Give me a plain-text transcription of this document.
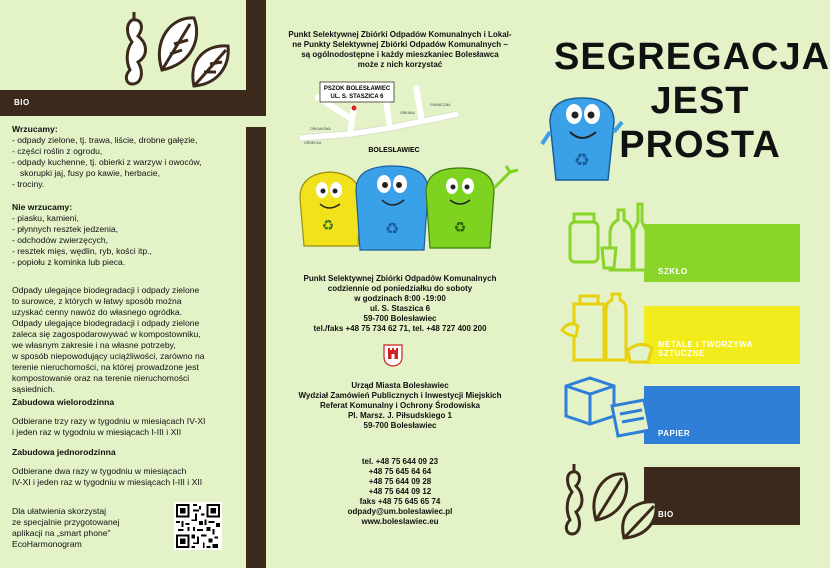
BIO
Wrzucamy:
- odpady zielone, tj. trawa, liście, drobne gałęzie,
- części roślin z ogrodu,
- odpady kuchenne, tj. obierki z warzyw i owoców,
skorupki jaj, fusy po kawie, herbacie,
- trociny.
Nie wrzucamy:
- piasku, kamieni,
- płynnych resztek jedzenia,
- odchodów zwierzęcych,
- resztek mięs, wędlin, ryb, kości itp.,
- popiołu z kominka lub pieca.
Odpady ulegające biodegradacji i odpady zielone
to surowce, z których w łatwy sposób można
uzyskać cenny nawóz do własnego ogródka.
Odpady ulegające biodegradacji i odpady zielone
zaleca się zagospodarowywać w kompostowniku,
we własnym zakresie i na własne potrzeby,
w sposób niepowodujący uciążliwości, zarówno na
terenie nieruchomości, na której prowadzone jest
kompostowanie oraz na terenie nieruchomości
sąsiednich.
Zabudowa wielorodzinna
Odbierane trzy razy w tygodniu w miesiącach IV-XI
i jeden raz w tygodniu w miesiącach I-III i XII
Zabudowa jednorodzinna
Odbierane dwa razy w tygodniu w miesiącach
IV-XI i jeden raz w tygodniu w miesiącach I-III i XII
Dla ułatwienia skorzystaj
ze specjalnie przygotowanej
aplikacji na „smart phone"
EcoHarmonogram
Punkt Selektywnej Zbiórki Odpadów Komunalnych i Lokal-
ne Punkty Selektywnej Zbiórki Odpadów Komunalnych –
są ogólnodostępne i każdy mieszkaniec Bolesławca
może z nich korzystać
PSZOK BOLESŁAWIEC
UL. S. STASZICA 6
BOLESŁAWIEC
GRANICZNA
ORKANA
ORKANOWA
ORNECKA
♻	♻	♻
Punkt Selektywnej Zbiórki Odpadów Komunalnych
codziennie od poniedziałku do soboty
w godzinach 8:00 -19:00
ul. S. Staszica 6
59-700 Bolesławiec
tel./faks +48 75 734 62 71, tel. +48 727 400 200
Urząd Miasta Bolesławiec
Wydział Zamówień Publicznych i Inwestycji Miejskich
Referat Komunalny i Ochrony Środowiska
Pl. Marsz. J. Piłsudskiego 1
59-700 Bolesławiec
tel. +48 75 644 09 23
+48 75 645 64 64
+48 75 644 09 28
+48 75 644 09 12
faks +48 75 645 65 74
odpady@um.boleslawiec.pl
www.boleslawiec.eu
SEGREGACJA
JEST
PROSTA
♻
SZKŁO
METALE I TWORZYWA SZTUCZNE
PAPIER
BIO
